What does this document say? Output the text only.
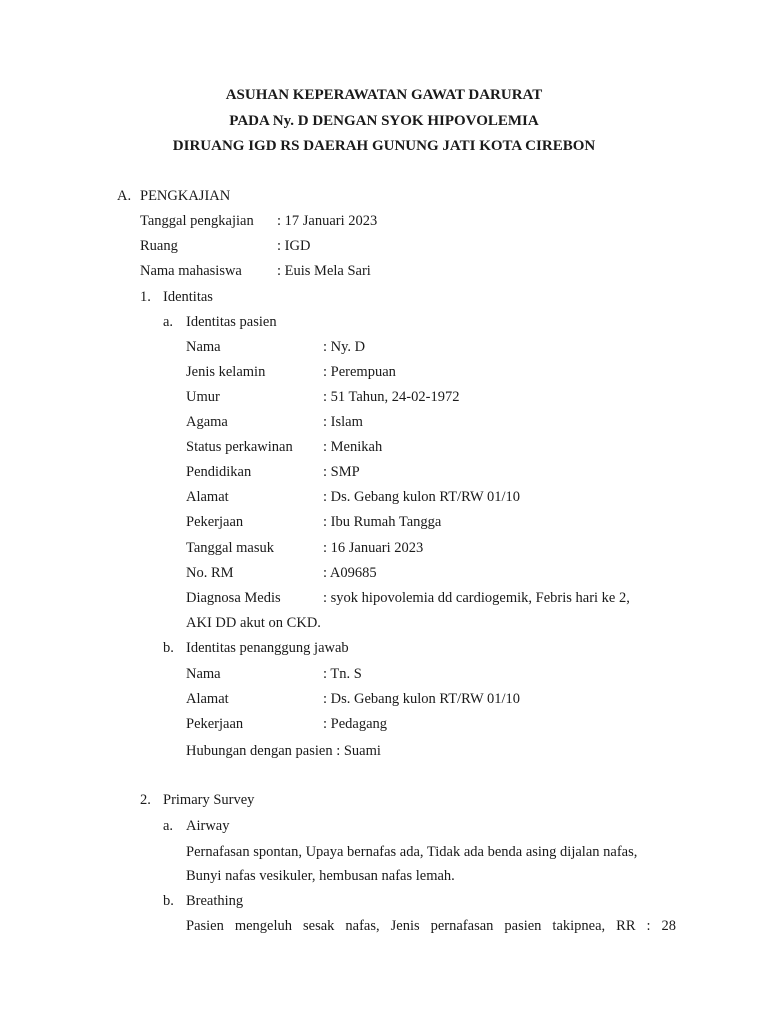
ASUHAN KEPERAWATAN GAWAT DARURAT
PADA Ny. D DENGAN SYOK HIPOVOLEMIA
DIRUANG IGD RS DAERAH GUNUNG JATI KOTA CIREBON
A. PENGKAJIAN
Tanggal pengkajian : 17 Januari 2023
Ruang	: IGD
Nama mahasiswa : Euis Mela Sari
1. Identitas
a. Identitas pasien
Nama	: Ny. D
Jenis kelamin	: Perempuan
Umur	: 51 Tahun, 24-02-1972
Agama	: Islam
Status perkawinan : Menikah
Pendidikan	: SMP
Alamat	: Ds. Gebang kulon RT/RW 01/10
Pekerjaan	: Ibu Rumah Tangga
Tanggal masuk	: 16 Januari 2023
No. RM	: A09685
Diagnosa Medis	: syok hipovolemia dd cardiogemik, Febris hari ke 2,
AKI DD akut on CKD.
b. Identitas penanggung jawab
Nama	: Tn. S
Alamat	: Ds. Gebang kulon RT/RW 01/10
Pekerjaan	: Pedagang
Hubungan dengan pasien : Suami
2. Primary Survey
a. Airway
Pernafasan spontan, Upaya bernafas ada, Tidak ada benda asing dijalan nafas,
Bunyi nafas vesikuler, hembusan nafas lemah.
b. Breathing
Pasien mengeluh sesak nafas, Jenis pernafasan pasien takipnea, RR : 28
